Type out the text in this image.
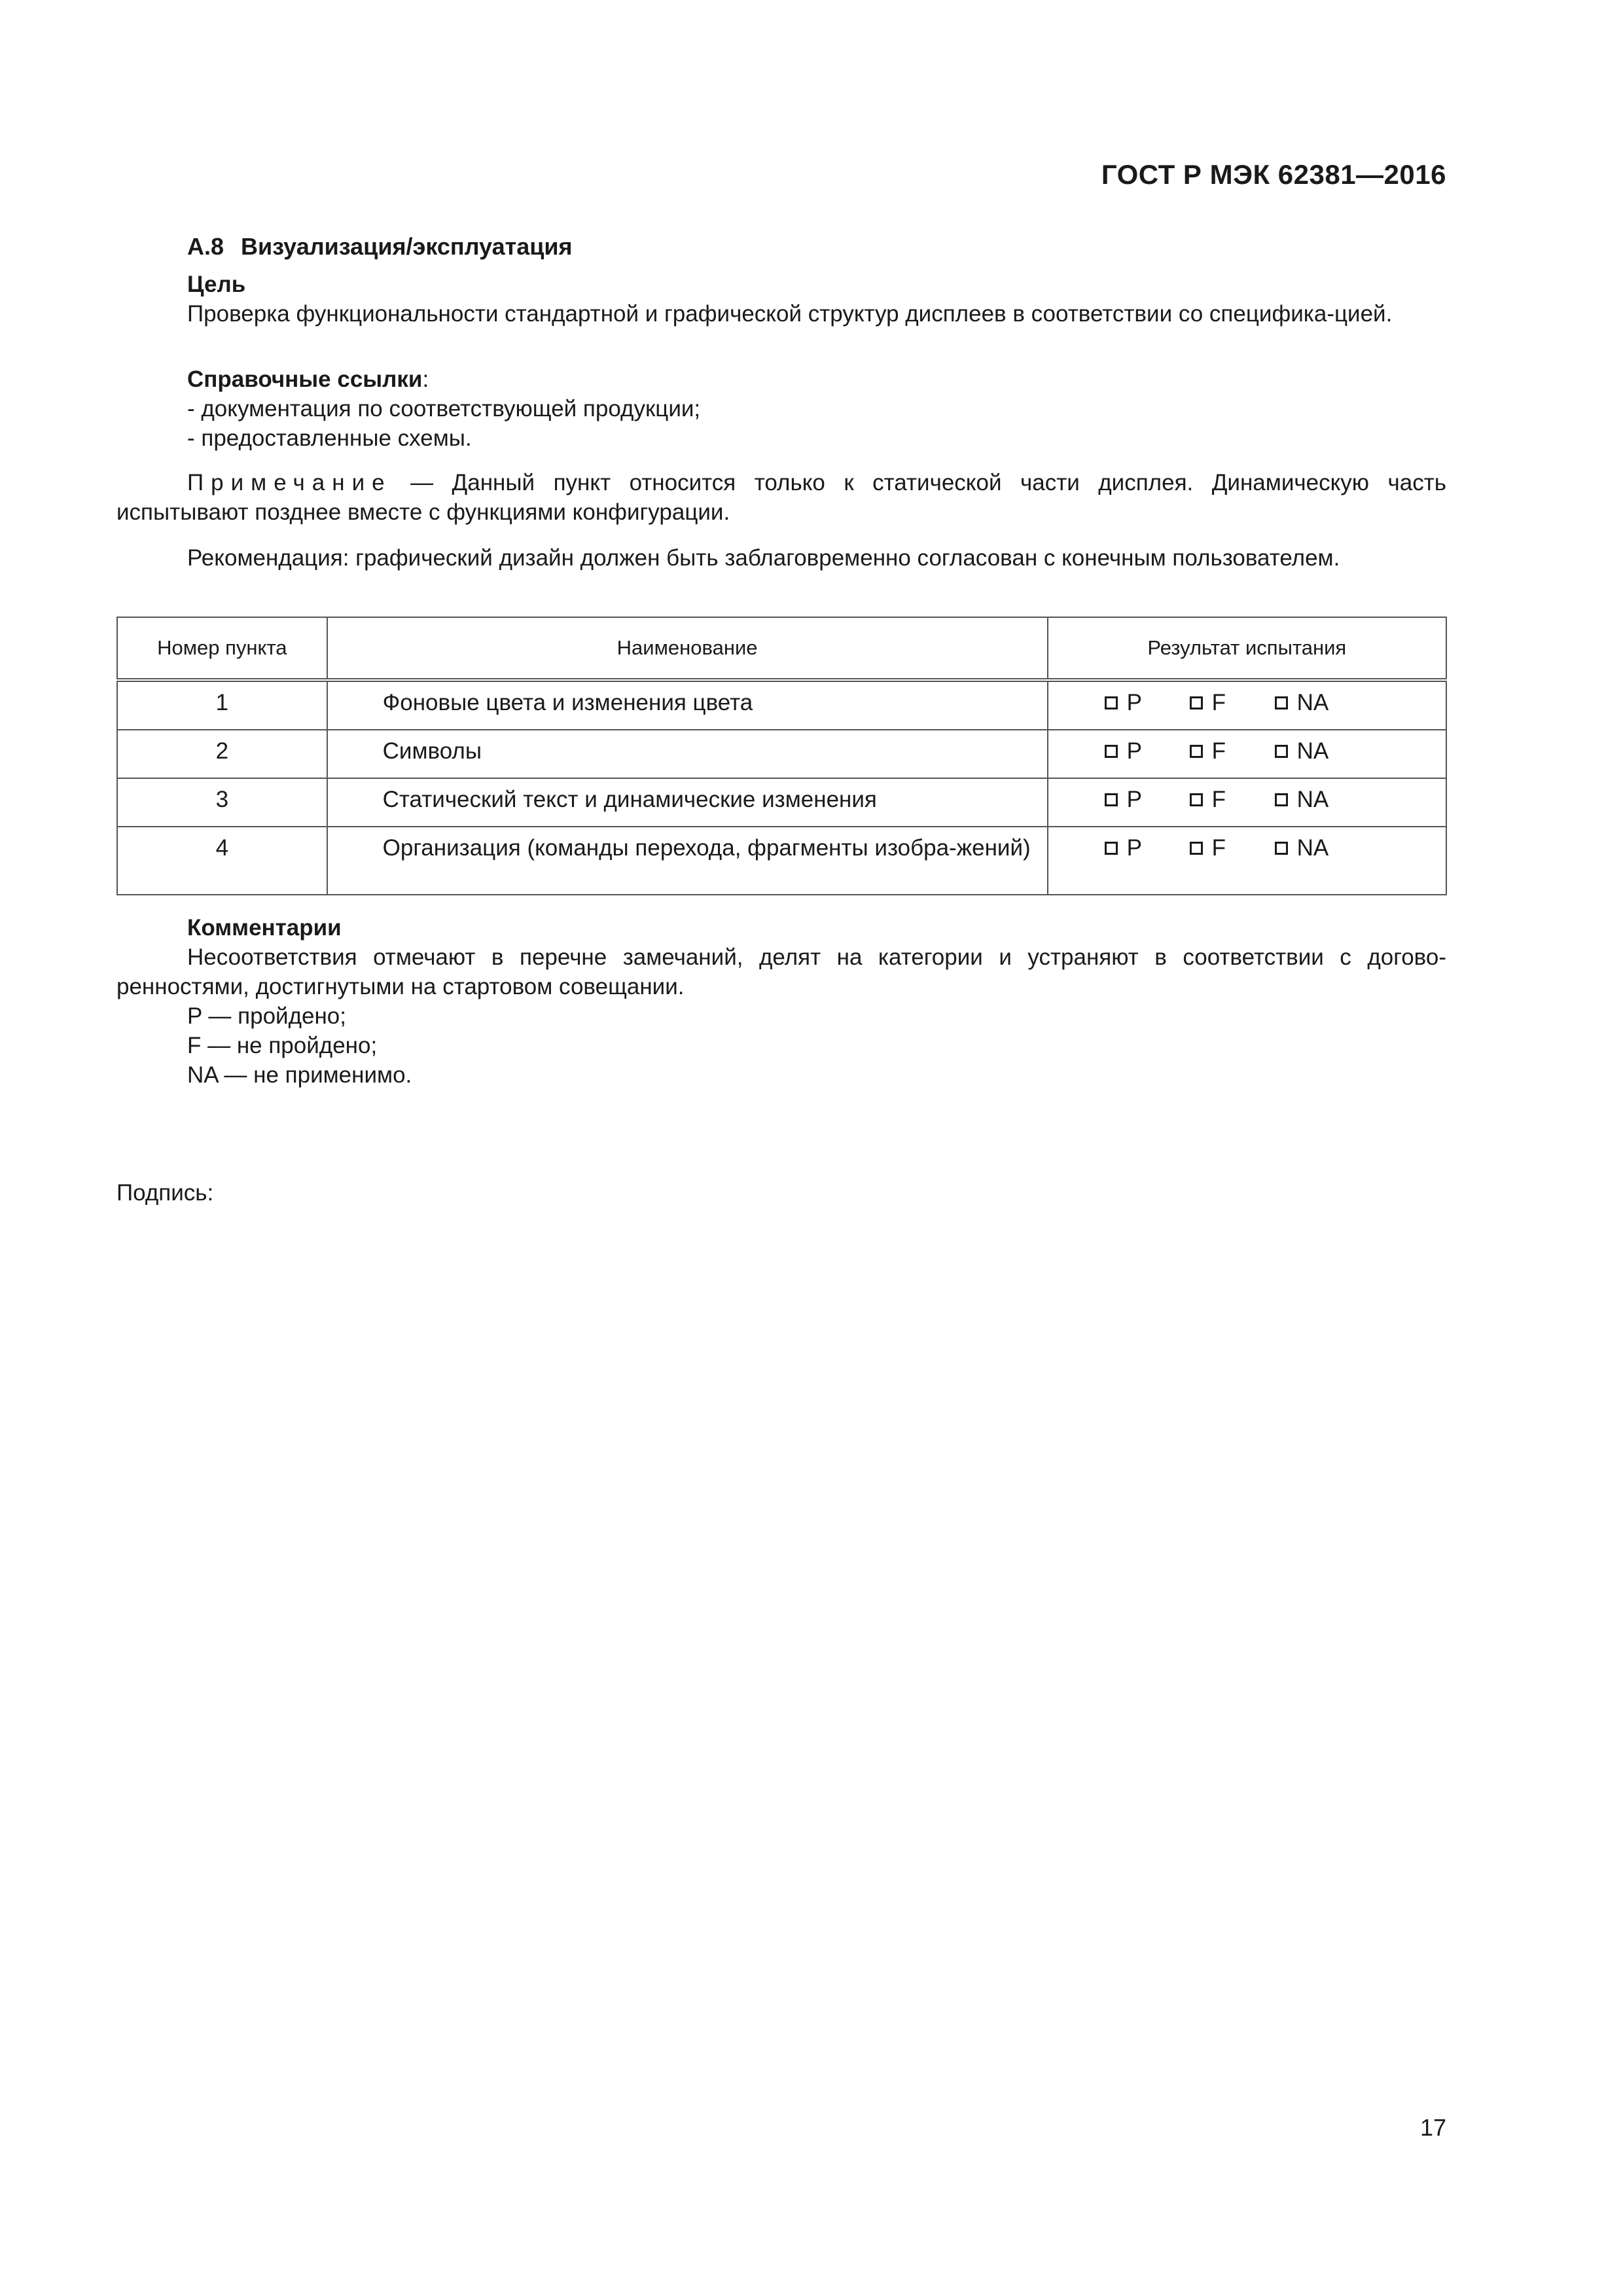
ГОСТ Р МЭК 62381—2016
А.8 Визуализация/эксплуатация
Цель

Проверка функциональности стандартной и графической структур дисплеев в соответствии со специфика-цией.

Справочные ссылки:
- документация по соответствующей продукции;
- предоставленные схемы.

Примечание — Данный пункт относится только к статической части дисплея. Динамическую часть испытывают позднее вместе с функциями конфигурации.

Рекомендация: графический дизайн должен быть заблаговременно согласован с конечным пользователем.

Номер пункта	Наименование	Результат испытания
1	Фоновые цвета и изменения цвета	P F NA

2	Символы	P F NA

3	Статический текст и динамические изменения	P F NA

4	Организация (команды перехода, фрагменты изобра-жений)	P F NA
Комментарии

Несоответствия отмечают в перечне замечаний, делят на категории и устраняют в соответствии с догово-ренностями, достигнутыми на стартовом совещании.

P — пройдено;
F — не пройдено;
NA — не применимо.
Подпись:
17
